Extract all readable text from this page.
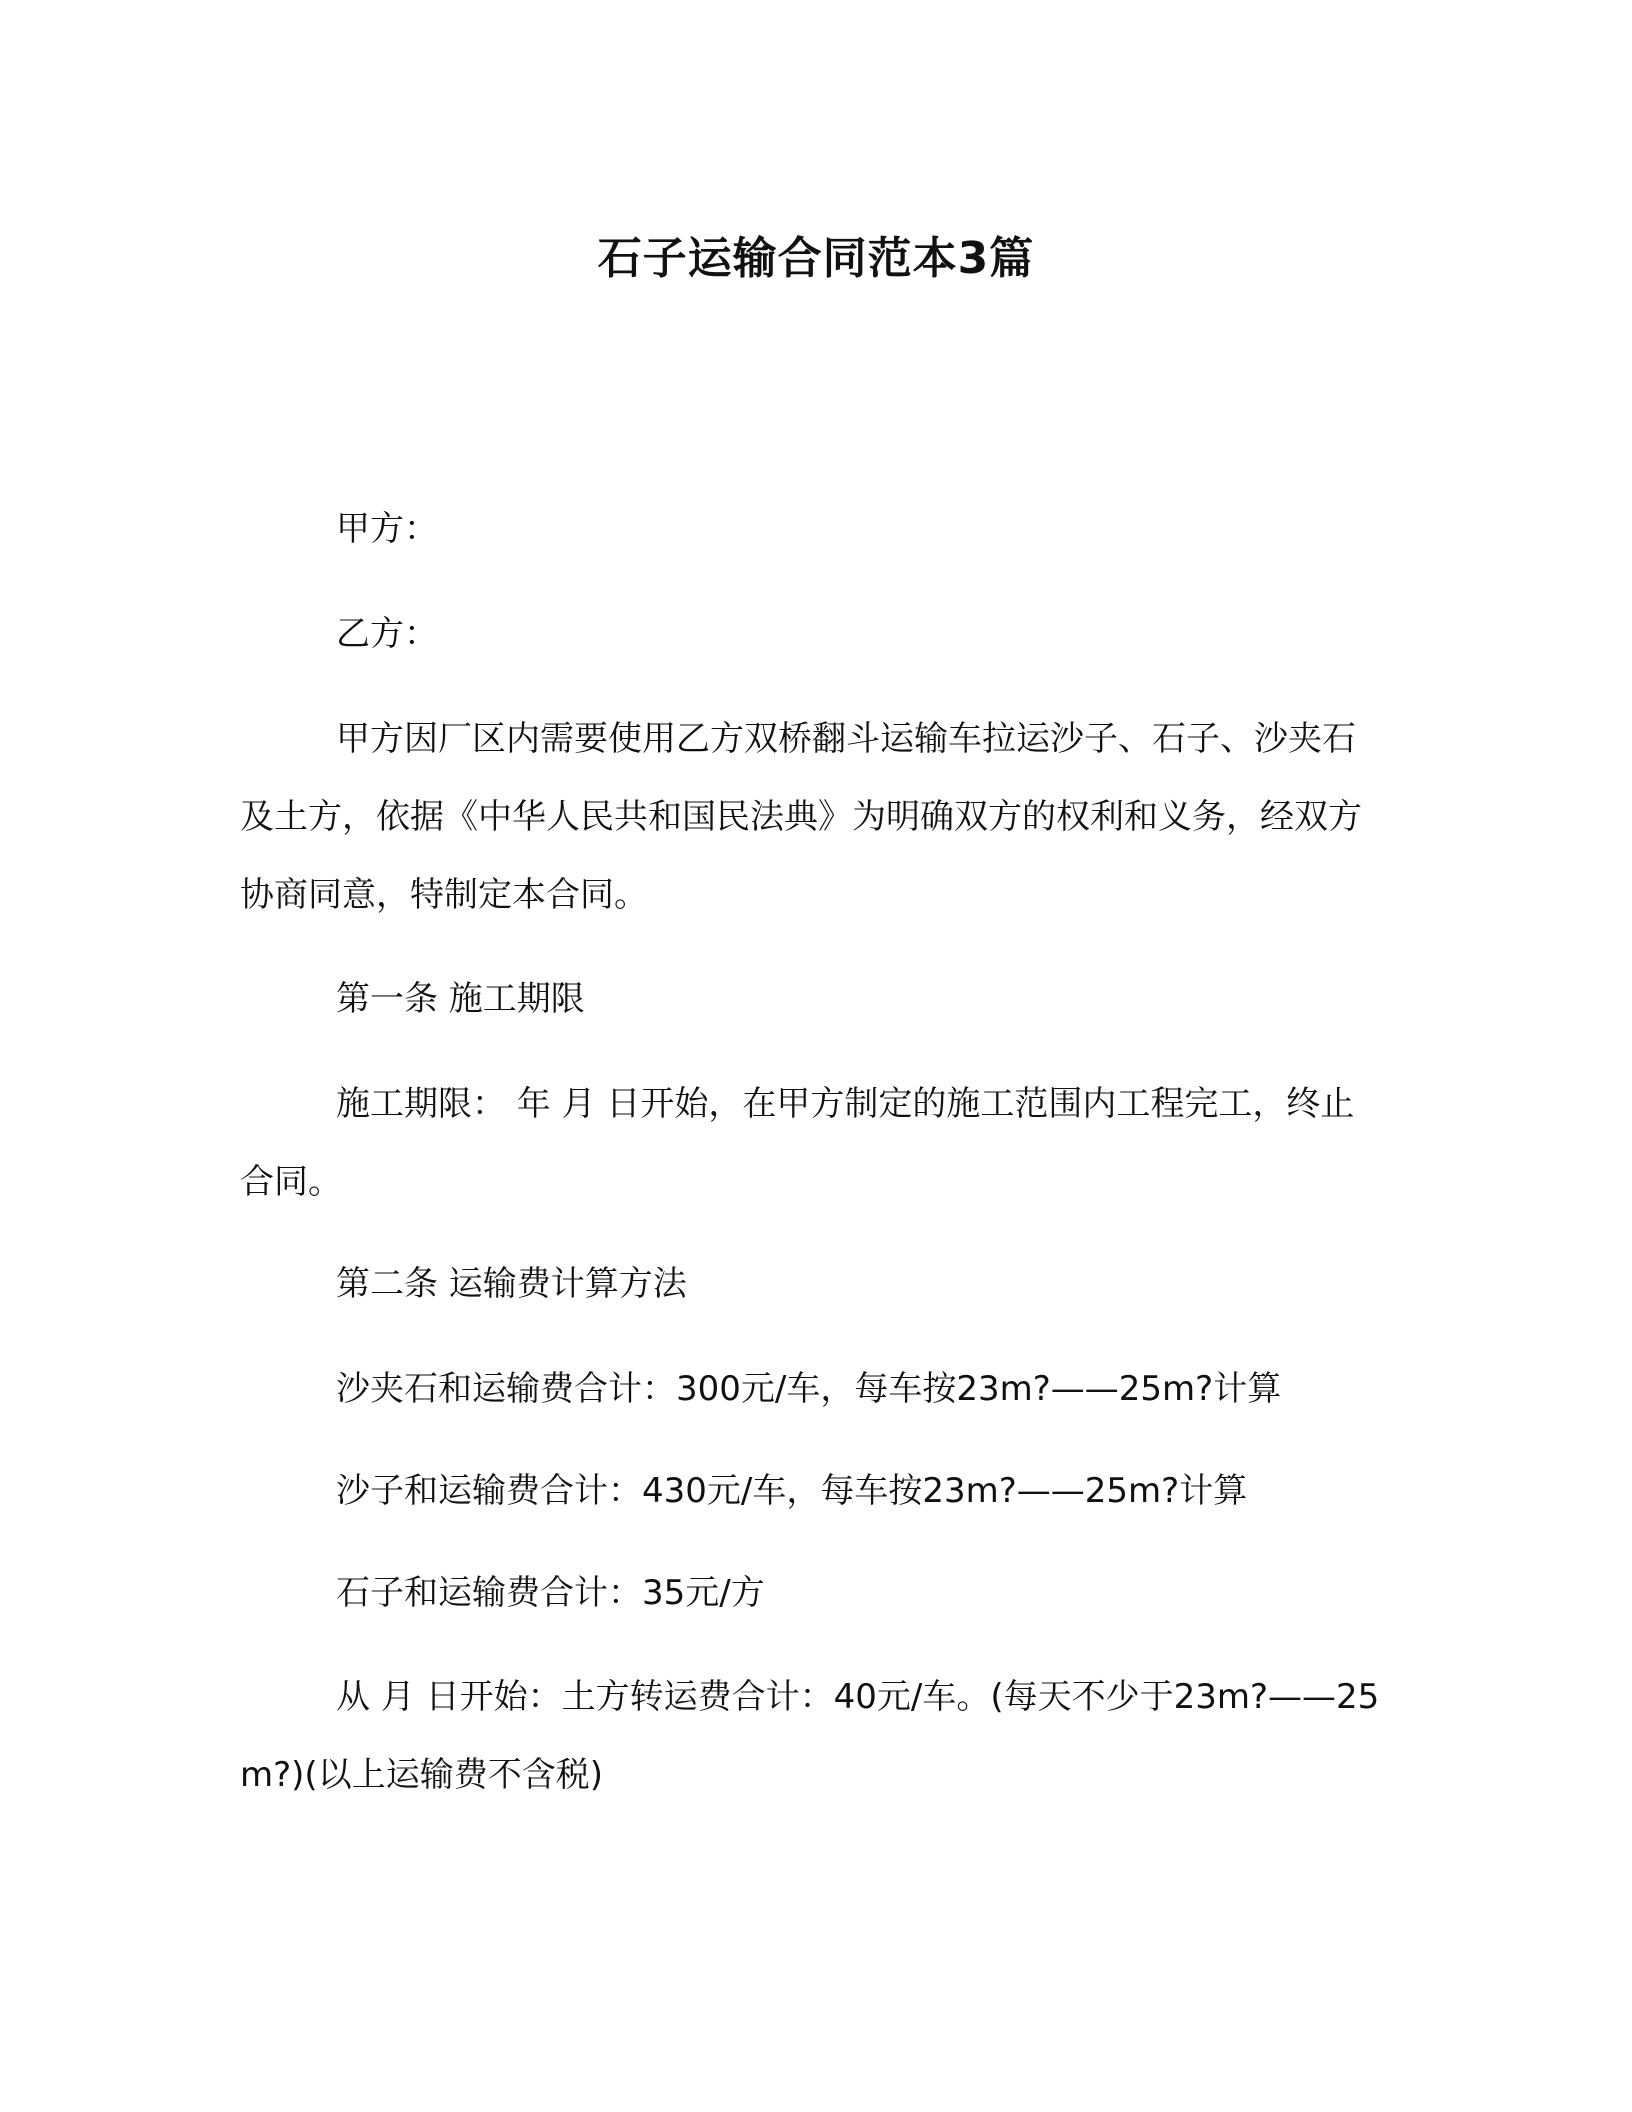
石子运输合同范本3篇

甲方：

乙方：

甲方因厂区内需要使用乙方双桥翻斗运输车拉运沙子、石子、沙夹石及土方，依据《中华人民共和国民法典》为明确双方的权利和义务，经双方协商同意，特制定本合同。

第一条 施工期限

施工期限： 年 月 日开始，在甲方制定的施工范围内工程完工，终止合同。

第二条 运输费计算方法

沙夹石和运输费合计：300元/车，每车按23m?——25m?计算

沙子和运输费合计：430元/车，每车按23m?——25m?计算

石子和运输费合计：35元/方

从 月 日开始：土方转运费合计：40元/车。(每天不少于23m?——25m?)(以上运输费不含税)
